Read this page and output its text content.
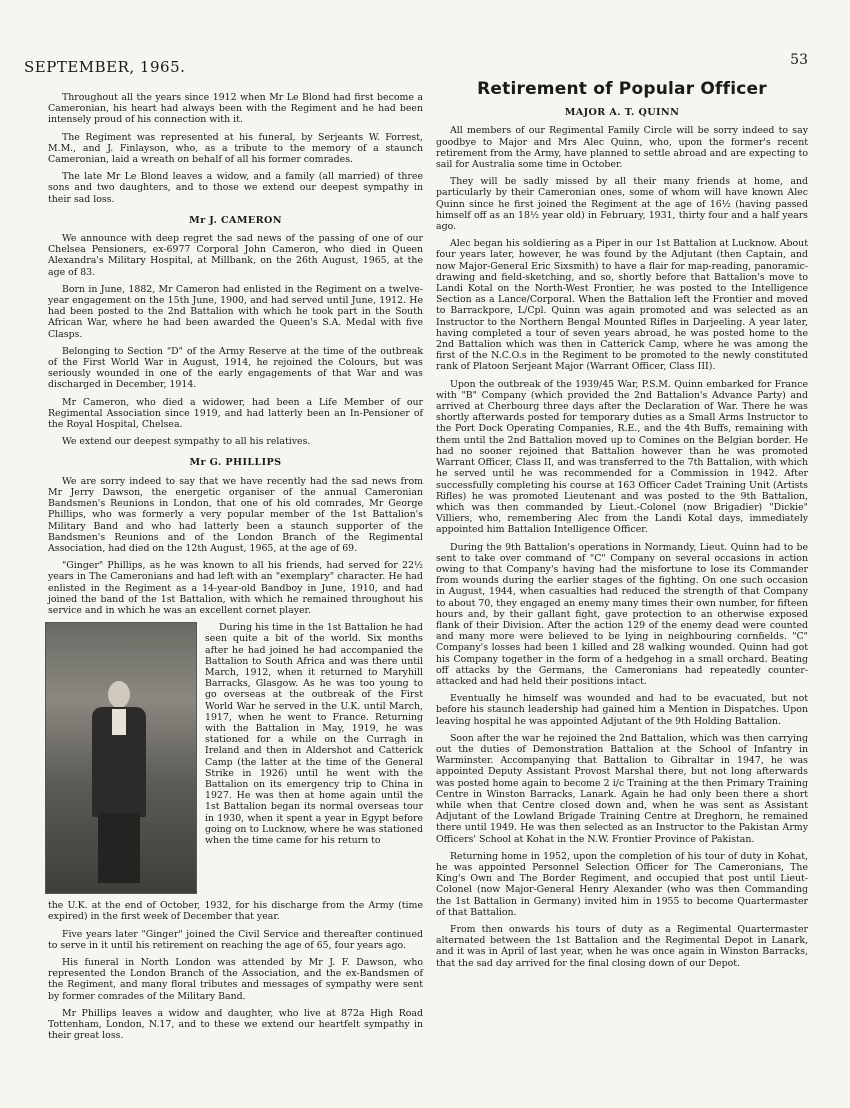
SEPTEMBER, 1965.	53

Throughout all the years since 1912 when Mr Le Blond had first become a Cameronian, his heart had always been with the Regiment and he had been intensely proud of his connection with it.

The Regiment was represented at his funeral, by Serjeants W. Forrest, M.M., and J. Finlayson, who, as a tribute to the memory of a staunch Cameronian, laid a wreath on behalf of all his former comrades.

The late Mr Le Blond leaves a widow, and a family (all married) of three sons and two daughters, and to those we extend our deepest sympathy in their sad loss.

Mr J. CAMERON

We announce with deep regret the sad news of the passing of one of our Chelsea Pensioners, ex-6977 Corporal John Cameron, who died in Queen Alexandra's Military Hospital, at Millbank, on the 26th August, 1965, at the age of 83.

Born in June, 1882, Mr Cameron had enlisted in the Regiment on a twelve-year engagement on the 15th June, 1900, and had served until June, 1912. He had been posted to the 2nd Battalion with which he took part in the South African War, where he had been awarded the Queen's S.A. Medal with five Clasps.

Belonging to Section "D" of the Army Reserve at the time of the outbreak of the First World War in August, 1914, he rejoined the Colours, but was seriously wounded in one of the early engagements of that War and was discharged in December, 1914.

Mr Cameron, who died a widower, had been a Life Member of our Regimental Association since 1919, and had latterly been an In-Pensioner of the Royal Hospital, Chelsea.

We extend our deepest sympathy to all his relatives.

Mr G. PHILLIPS

We are sorry indeed to say that we have recently had the sad news from Mr Jerry Dawson, the energetic organiser of the annual Cameronian Bandsmen's Reunions in London, that one of his old comrades, Mr George Phillips, who was formerly a very popular member of the 1st Battalion's Military Band and who had latterly been a staunch supporter of the Bandsmen's Reunions and of the London Branch of the Regimental Association, had died on the 12th August, 1965, at the age of 69.

"Ginger" Phillips, as he was known to all his friends, had served for 22½ years in The Cameronians and had left with an "exemplary" character. He had enlisted in the Regiment as a 14-year-old Bandboy in June, 1910, and had joined the band of the 1st Battalion, with which he remained throughout his service and in which he was an excellent cornet player.

During his time in the 1st Battalion he had seen quite a bit of the world. Six months after he had joined he had accompanied the Battalion to South Africa and was there until March, 1912, when it returned to Maryhill Barracks, Glasgow. As he was too young to go overseas at the outbreak of the First World War he served in the U.K. until March, 1917, when he went to France. Returning with the Battalion in May, 1919, he was stationed for a while on the Curragh in Ireland and then in Aldershot and Catterick Camp (the latter at the time of the General Strike in 1926) until he went with the Battalion on its emergency trip to China in 1927. He was then at home again until the 1st Battalion began its normal overseas tour in 1930, when it spent a year in Egypt before going on to Lucknow, where he was stationed when the time came for his return to

the U.K. at the end of October, 1932, for his discharge from the Army (time expired) in the first week of December that year.

Five years later "Ginger" joined the Civil Service and thereafter continued to serve in it until his retirement on reaching the age of 65, four years ago.

His funeral in North London was attended by Mr J. F. Dawson, who represented the London Branch of the Association, and the ex-Bandsmen of the Regiment, and many floral tributes and messages of sympathy were sent by former comrades of the Military Band.

Mr Phillips leaves a widow and daughter, who live at 872a High Road Tottenham, London, N.17, and to these we extend our heartfelt sympathy in their great loss.

Retirement of Popular Officer
MAJOR A. T. QUINN

All members of our Regimental Family Circle will be sorry indeed to say goodbye to Major and Mrs Alec Quinn, who, upon the former's recent retirement from the Army, have planned to settle abroad and are expecting to sail for Australia some time in October.

They will be sadly missed by all their many friends at home, and particularly by their Cameronian ones, some of whom will have known Alec Quinn since he first joined the Regiment at the age of 16½ (having passed himself off as an 18½ year old) in February, 1931, thirty four and a half years ago.

Alec began his soldiering as a Piper in our 1st Battalion at Lucknow. About four years later, however, he was found by the Adjutant (then Captain, and now Major-General Eric Sixsmith) to have a flair for map-reading, panoramic-drawing and field-sketching, and so, shortly before that Battalion's move to Landi Kotal on the North-West Frontier, he was posted to the Intelligence Section as a Lance/Corporal. When the Battalion left the Frontier and moved to Barrackpore, L/Cpl. Quinn was again promoted and was selected as an Instructor to the Northern Bengal Mounted Rifles in Darjeeling. A year later, having completed a tour of seven years abroad, he was posted home to the 2nd Battalion which was then in Catterick Camp, where he was among the first of the N.C.O.s in the Regiment to be promoted to the newly constituted rank of Platoon Serjeant Major (Warrant Officer, Class III).

Upon the outbreak of the 1939/45 War, P.S.M. Quinn embarked for France with "B" Company (which provided the 2nd Battalion's Advance Party) and arrived at Cherbourg three days after the Declaration of War. There he was shortly afterwards posted for temporary duties as a Small Arms Instructor to the Port Dock Operating Companies, R.E., and the 4th Buffs, remaining with them until the 2nd Battalion moved up to Comines on the Belgian border. He had no sooner rejoined that Battalion however than he was promoted Warrant Officer, Class II, and was transferred to the 7th Battalion, with which he served until he was recommended for a Commission in 1942. After successfully completing his course at 163 Officer Cadet Training Unit (Artists Rifles) he was promoted Lieutenant and was posted to the 9th Battalion, which was then commanded by Lieut.-Colonel (now Brigadier) "Dickie" Villiers, who, remembering Alec from the Landi Kotal days, immediately appointed him Battalion Intelligence Officer.

During the 9th Battalion's operations in Normandy, Lieut. Quinn had to be sent to take over command of "C" Company on several occasions in action owing to that Company's having had the misfortune to lose its Commander from wounds during the earlier stages of the fighting. On one such occasion in August, 1944, when casualties had reduced the strength of that Company to about 70, they engaged an enemy many times their own number, for fifteen hours and, by their gallant fight, gave protection to an otherwise exposed flank of their Division. After the action 129 of the enemy dead were counted and many more were believed to be lying in neighbouring cornfields. "C" Company's losses had been 1 killed and 28 walking wounded. Quinn had got his Company together in the form of a hedgehog in a small orchard. Beating off attacks by the Germans, the Cameronians had repeatedly counter-attacked and had held their positions intact.

Eventually he himself was wounded and had to be evacuated, but not before his staunch leadership had gained him a Mention in Dispatches. Upon leaving hospital he was appointed Adjutant of the 9th Holding Battalion.

Soon after the war he rejoined the 2nd Battalion, which was then carrying out the duties of Demonstration Battalion at the School of Infantry in Warminster. Accompanying that Battalion to Gibraltar in 1947, he was appointed Deputy Assistant Provost Marshal there, but not long afterwards was posted home again to become 2 i/c Training at the then Primary Training Centre in Winston Barracks, Lanark. Again he had only been there a short while when that Centre closed down and, when he was sent as Assistant Adjutant of the Lowland Brigade Training Centre at Dreghorn, he remained there until 1949. He was then selected as an Instructor to the Pakistan Army Officers' School at Kohat in the N.W. Frontier Province of Pakistan.

Returning home in 1952, upon the completion of his tour of duty in Kohat, he was appointed Personnel Selection Officer for The Cameronians, The King's Own and The Border Regiment, and occupied that post until Lieut-Colonel (now Major-General Henry Alexander (who was then Commanding the 1st Battalion in Germany) invited him in 1955 to become Quartermaster of that Battalion.

From then onwards his tours of duty as a Regimental Quartermaster alternated between the 1st Battalion and the Regimental Depot in Lanark, and it was in April of last year, when he was once again in Winston Barracks, that the sad day arrived for the final closing down of our Depot.
